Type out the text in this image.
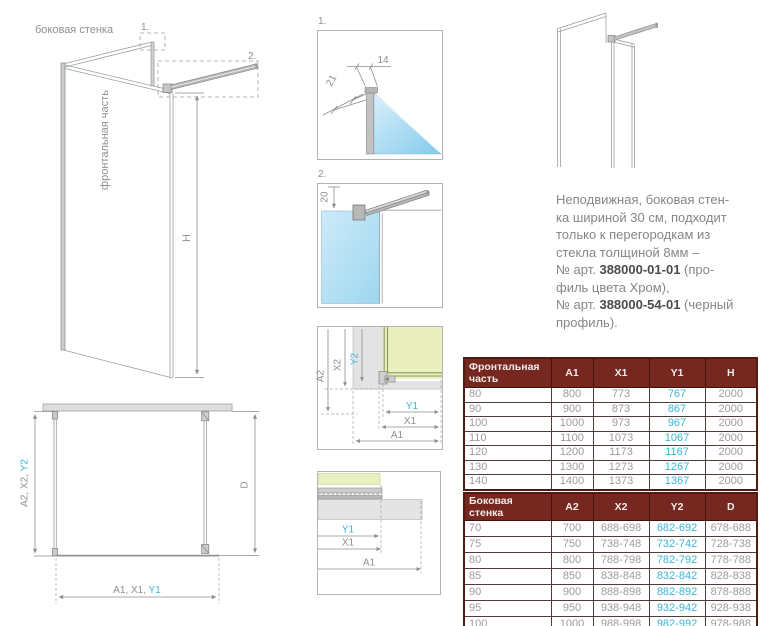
1.
2.
H
боковая стенка
фронтальная часть
A2, X2, Y2
D
A1, X1, Y1
1.
14
21
2.
20
A2
X2 Y2
Y1
X1
A1
Y1
X1
A1
Неподвижная, боковая стен-
ка шириной 30 см, подходит
только к перегородкам из
стекла толщиной 8мм –
№ арт. 388000-01-01 (про-
филь цвета Хром),
№ арт. 388000-54-01 (черный
профиль).
Фронтальная часть	A1	X1	Y1	H
80	800	773	767	2000
90	900	873	867	2000
100	1000	973	967	2000
110	1100	1073	1067	2000
120	1200	1173	1167	2000
130	1300	1273	1267	2000
140	1400	1373	1367	2000
Боковая стенка	A2	X2	Y2	D
70	700	688-698	682-692	678-688
75	750	738-748	732-742	728-738
80	800	788-798	782-792	778-788
85	850	838-848	832-842	828-838
90	900	888-898	882-892	878-888
95	950	938-948	932-942	928-938
100	1000	988-998	982-992	978-988
